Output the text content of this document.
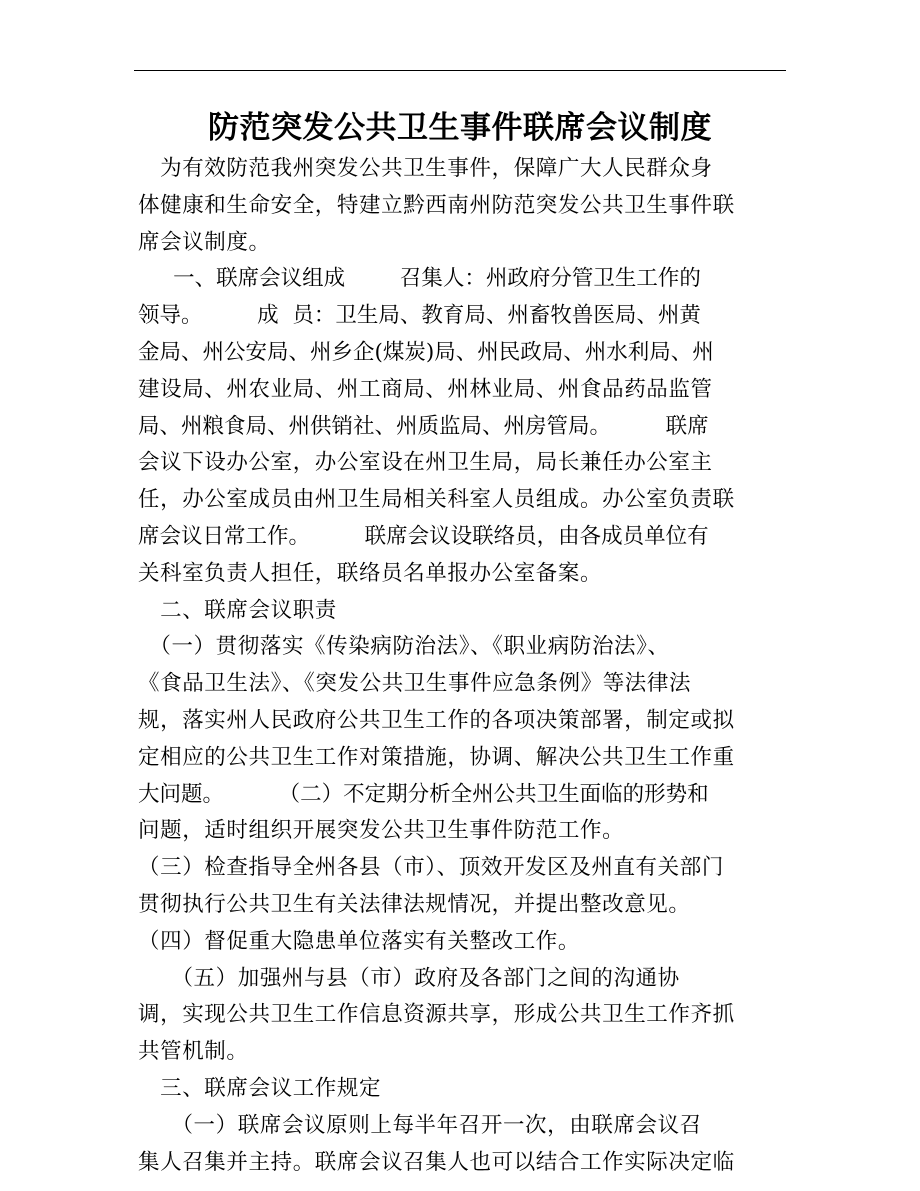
防范突发公共卫生事件联席会议制度
　为有效防范我州突发公共卫生事件，保障广大人民群众身
体健康和生命安全，特建立黔西南州防范突发公共卫生事件联
席会议制度。
　  一、联席会议组成        召集人：州政府分管卫生工作的
领导。        成  员：卫生局、教育局、州畜牧兽医局、州黄
金局、州公安局、州乡企(煤炭)局、州民政局、州水利局、州
建设局、州农业局、州工商局、州林业局、州食品药品监管
局、州粮食局、州供销社、州质监局、州房管局。        联席
会议下设办公室，办公室设在州卫生局，局长兼任办公室主
任，办公室成员由州卫生局相关科室人员组成。办公室负责联
席会议日常工作。        联席会议设联络员，由各成员单位有
关科室负责人担任，联络员名单报办公室备案。
　二、联席会议职责
　（一）贯彻落实《传染病防治法》、《职业病防治法》、
《食品卫生法》、《突发公共卫生事件应急条例》等法律法
规，落实州人民政府公共卫生工作的各项决策部署，制定或拟
定相应的公共卫生工作对策措施，协调、解决公共卫生工作重
大问题。        （二）不定期分析全州公共卫生面临的形势和
问题，适时组织开展突发公共卫生事件防范工作。
（三）检查指导全州各县（市）、顶效开发区及州直有关部门
贯彻执行公共卫生有关法律法规情况，并提出整改意见。
（四）督促重大隐患单位落实有关整改工作。
　　（五）加强州与县（市）政府及各部门之间的沟通协
调，实现公共卫生工作信息资源共享，形成公共卫生工作齐抓
共管机制。
　三、联席会议工作规定
　　（一）联席会议原则上每半年召开一次，由联席会议召
集人召集并主持。联席会议召集人也可以结合工作实际决定临
